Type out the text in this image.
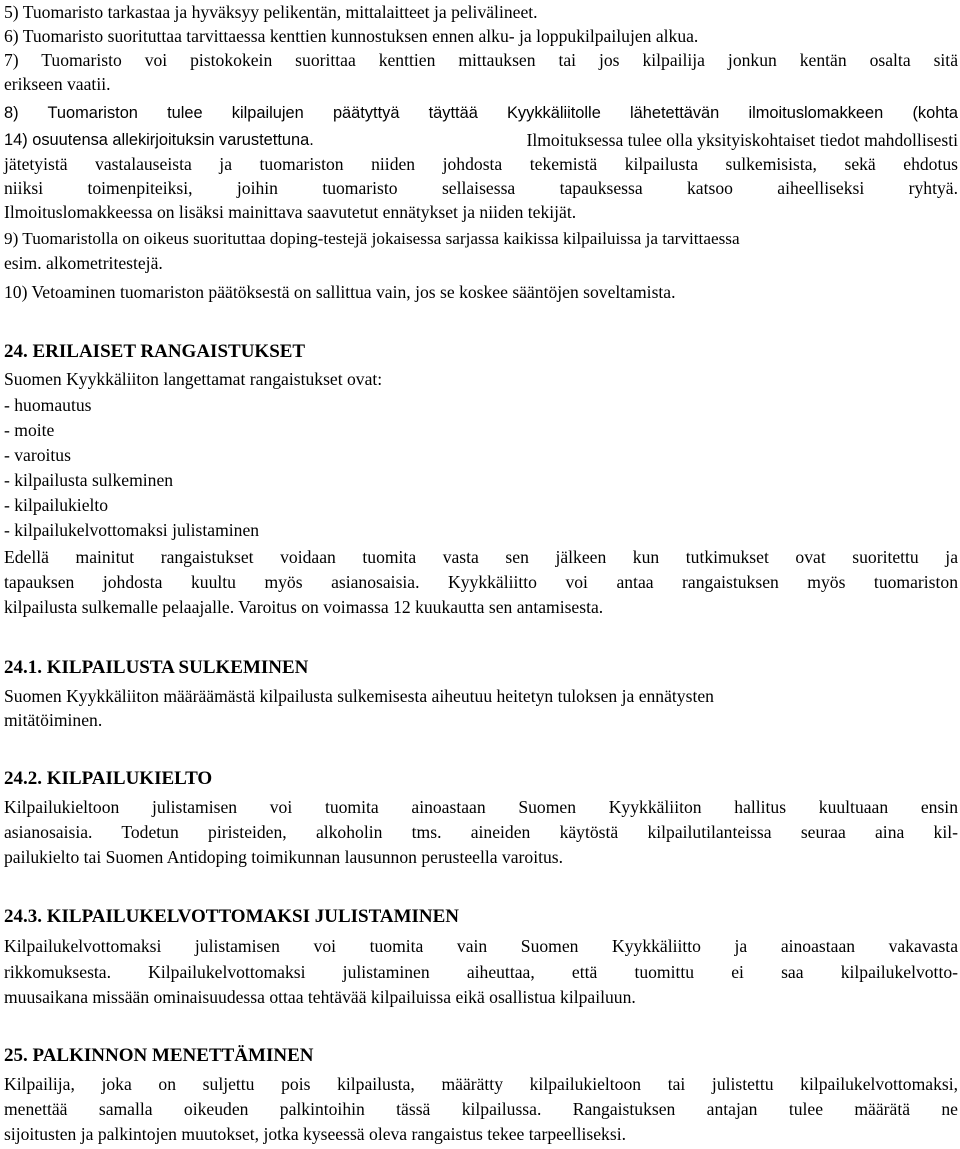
5) Tuomaristo tarkastaa ja hyväksyy pelikentän, mittalaitteet ja pelivälineet.
6) Tuomaristo suorituttaa tarvittaessa kenttien kunnostuksen ennen alku- ja loppukilpailujen alkua.
7) Tuomaristo voi pistokokein suorittaa kenttien mittauksen tai jos kilpailija jonkun kentän osalta sitä
erikseen vaatii.
8) Tuomariston tulee kilpailujen päätyttyä täyttää Kyykkäliitolle lähetettävän ilmoituslomakkeen (kohta
14) osuutensa allekirjoituksin varustettuna.	Ilmoituksessa tulee olla yksityiskohtaiset tiedot mahdollisesti
jätetyistä vastalauseista ja tuomariston niiden johdosta tekemistä kilpailusta sulkemisista, sekä ehdotus
niiksi toimenpiteiksi, joihin tuomaristo sellaisessa tapauksessa katsoo aiheelliseksi ryhtyä.
Ilmoituslomakkeessa on lisäksi mainittava saavutetut ennätykset ja niiden tekijät.
9) Tuomaristolla on oikeus suorituttaa doping-testejä jokaisessa sarjassa kaikissa kilpailuissa ja tarvittaessa
esim. alkometritestejä.
10) Vetoaminen tuomariston päätöksestä on sallittua vain, jos se koskee sääntöjen soveltamista.
24. ERILAISET RANGAISTUKSET
Suomen Kyykkäliiton langettamat rangaistukset ovat:
- huomautus
- moite
- varoitus
- kilpailusta sulkeminen
- kilpailukielto
- kilpailukelvottomaksi julistaminen
Edellä mainitut rangaistukset voidaan tuomita vasta sen jälkeen kun tutkimukset ovat suoritettu ja
tapauksen johdosta kuultu myös asianosaisia. Kyykkäliitto voi antaa rangaistuksen myös tuomariston
kilpailusta sulkemalle pelaajalle. Varoitus on voimassa 12 kuukautta sen antamisesta.
24.1. KILPAILUSTA SULKEMINEN
Suomen Kyykkäliiton määräämästä kilpailusta sulkemisesta aiheutuu heitetyn tuloksen ja ennätysten
mitätöiminen.
24.2. KILPAILUKIELTO
Kilpailukieltoon julistamisen voi tuomita ainoastaan Suomen Kyykkäliiton hallitus kuultuaan ensin
asianosaisia. Todetun piristeiden, alkoholin tms. aineiden käytöstä kilpailutilanteissa seuraa aina kil-
pailukielto tai Suomen Antidoping toimikunnan lausunnon perusteella varoitus.
24.3. KILPAILUKELVOTTOMAKSI JULISTAMINEN
Kilpailukelvottomaksi julistamisen voi tuomita vain Suomen Kyykkäliitto ja ainoastaan vakavasta
rikkomuksesta. Kilpailukelvottomaksi julistaminen aiheuttaa, että tuomittu ei saa kilpailukelvotto-
muusaikana missään ominaisuudessa ottaa tehtävää kilpailuissa eikä osallistua kilpailuun.
25. PALKINNON MENETTÄMINEN
Kilpailija, joka on suljettu pois kilpailusta, määrätty kilpailukieltoon tai julistettu kilpailukelvottomaksi,
menettää samalla oikeuden palkintoihin tässä kilpailussa. Rangaistuksen antajan tulee määrätä ne
sijoitusten ja palkintojen muutokset, jotka kyseessä oleva rangaistus tekee tarpeelliseksi.
